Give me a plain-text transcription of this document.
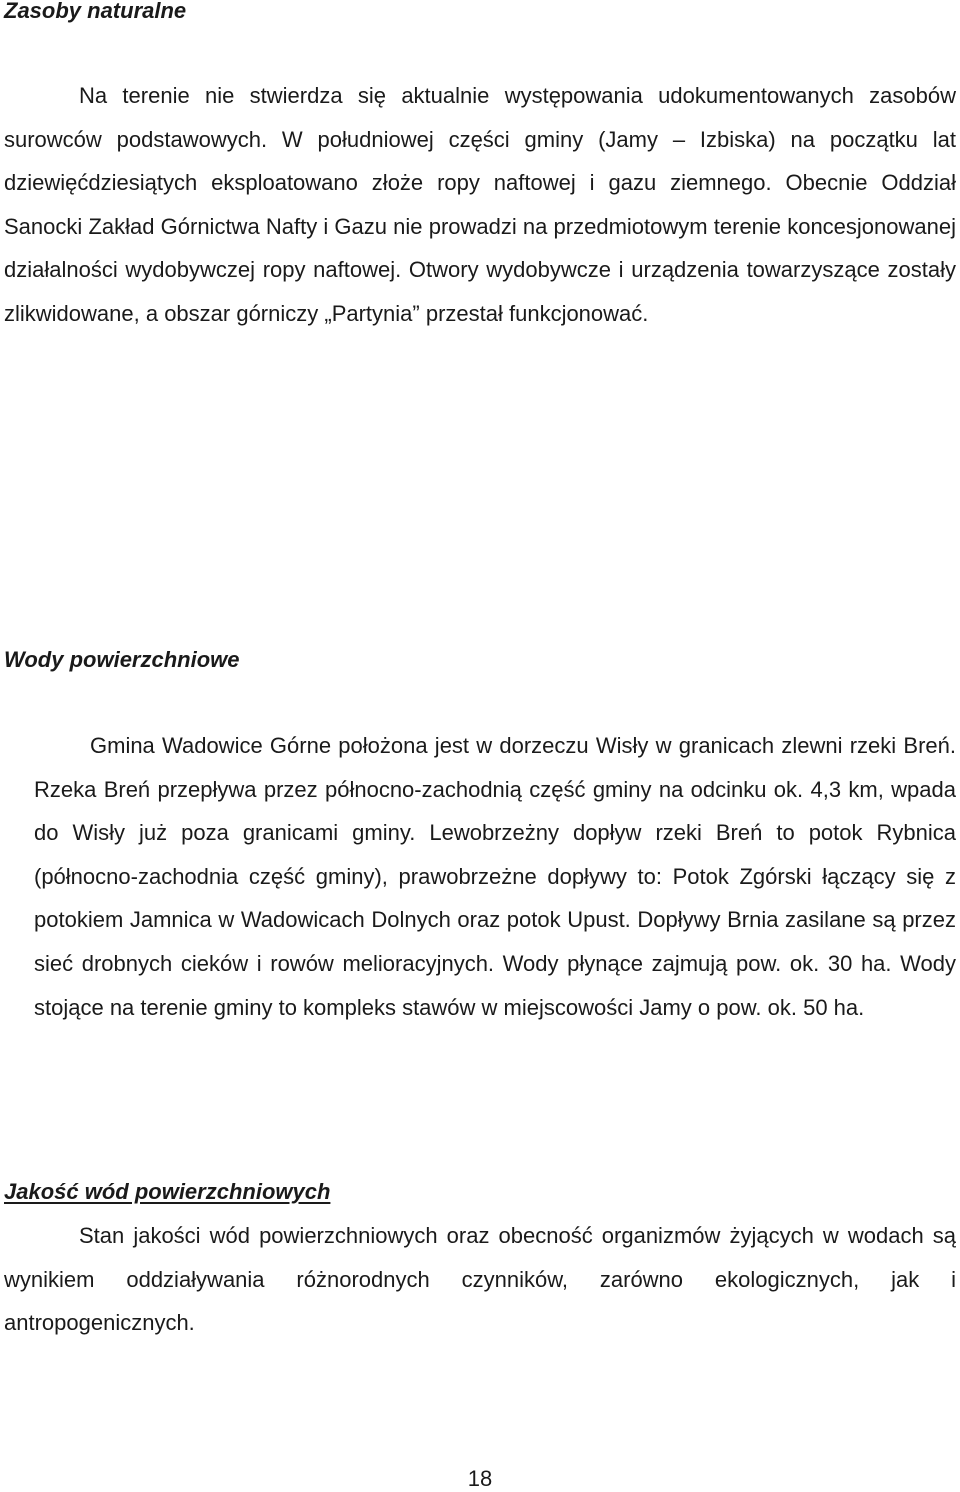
Zasoby naturalne

Na terenie nie stwierdza się aktualnie występowania udokumentowanych zasobów surowców podstawowych. W południowej części gminy (Jamy – Izbiska) na początku lat dziewięćdziesiątych eksploatowano złoże ropy naftowej i gazu ziemnego. Obecnie Oddział Sanocki Zakład Górnictwa Nafty i Gazu nie prowadzi na przedmiotowym terenie koncesjonowanej działalności wydobywczej ropy naftowej. Otwory wydobywcze i urządzenia towarzyszące zostały zlikwidowane, a obszar górniczy „Partynia” przestał funkcjonować.

Wody powierzchniowe

Gmina Wadowice Górne położona jest w dorzeczu Wisły w granicach zlewni rzeki Breń. Rzeka Breń przepływa przez północno-zachodnią część gminy na odcinku ok. 4,3 km, wpada do Wisły już poza granicami gminy. Lewobrzeżny dopływ rzeki Breń to potok Rybnica (północno-zachodnia część gminy), prawobrzeżne dopływy to: Potok Zgórski łączący się z potokiem Jamnica w Wadowicach Dolnych oraz potok Upust. Dopływy Brnia zasilane są przez sieć drobnych cieków i rowów melioracyjnych. Wody płynące zajmują pow. ok. 30 ha. Wody stojące na terenie gminy to kompleks stawów w miejscowości Jamy o pow. ok. 50 ha.

Jakość wód powierzchniowych

Stan jakości wód powierzchniowych oraz obecność organizmów żyjących w wodach są wynikiem oddziaływania różnorodnych czynników, zarówno ekologicznych, jak i antropogenicznych.

18
